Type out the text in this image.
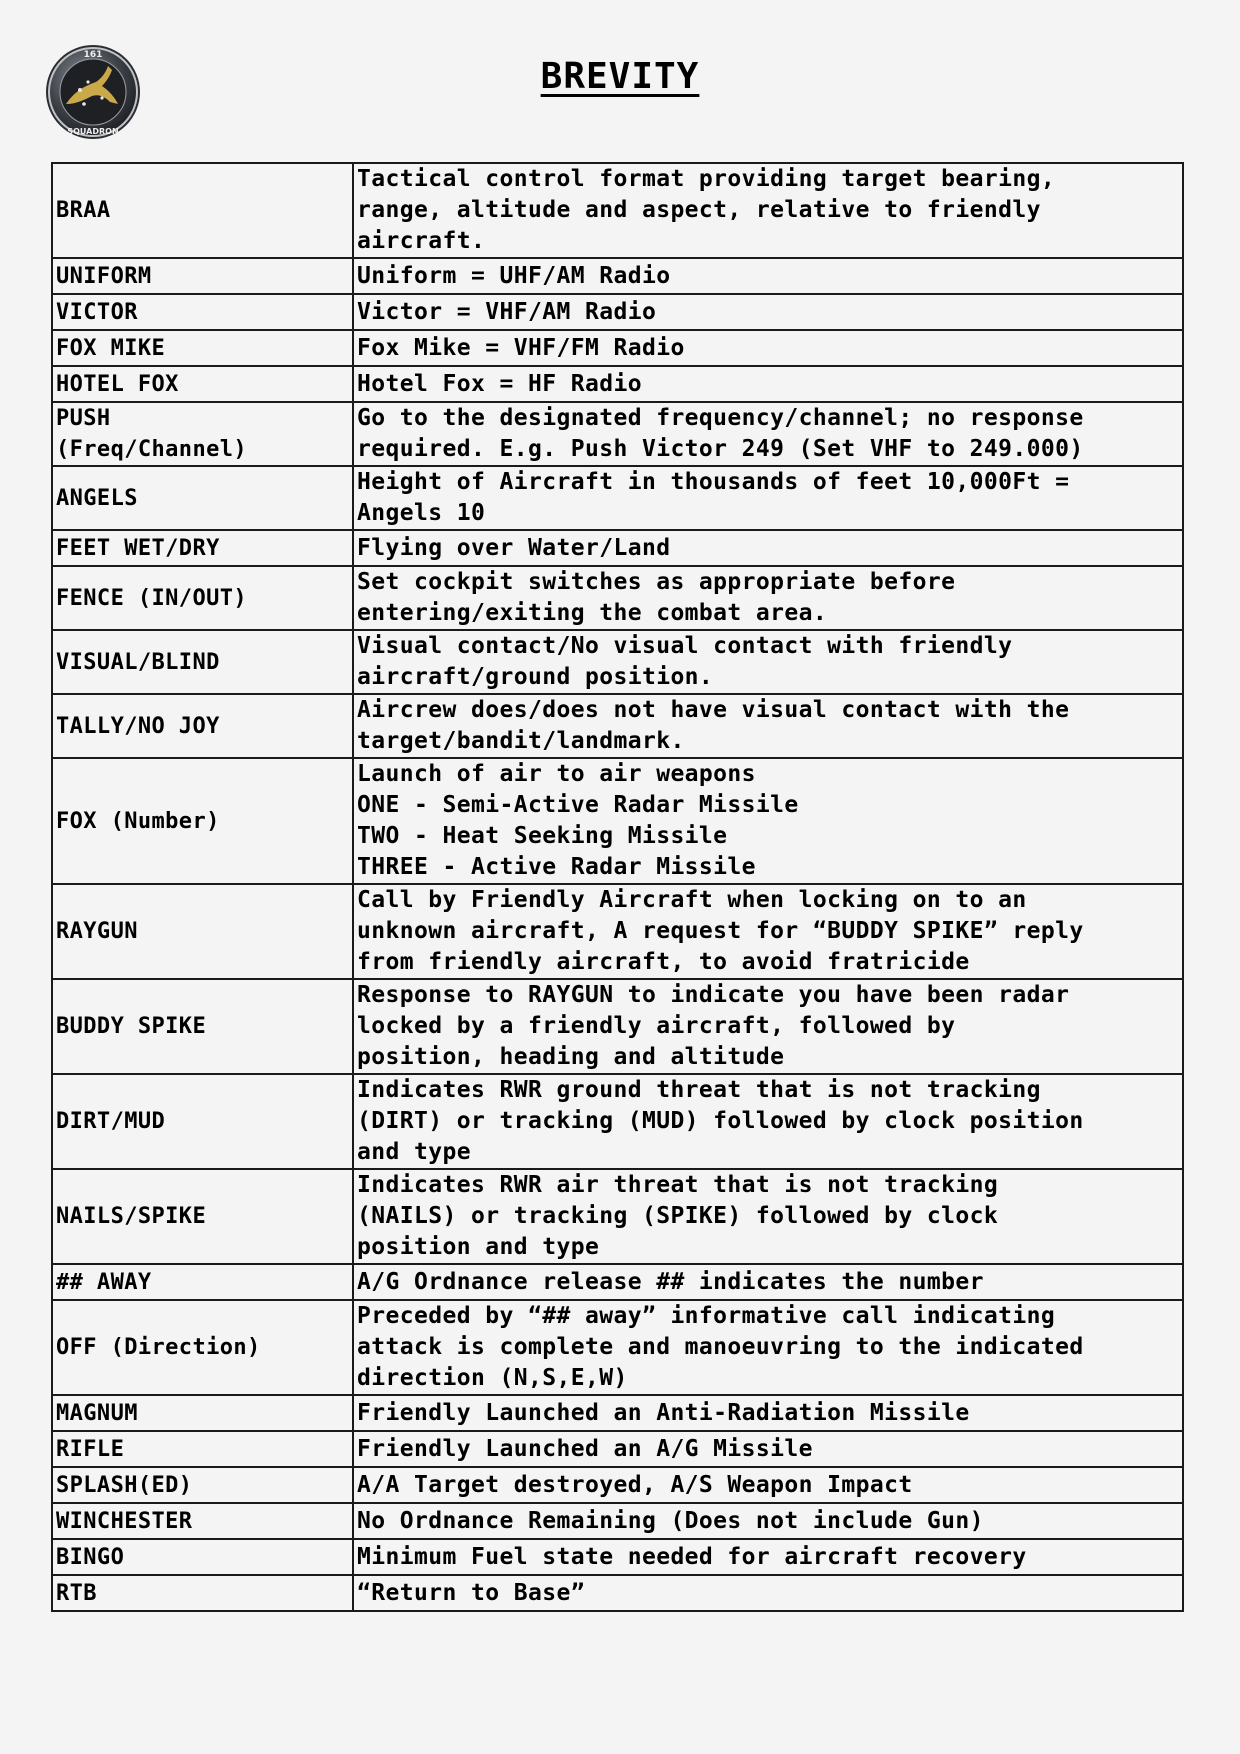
161
SQUADRON
BREVITY
BRAA	Tactical control format providing target bearing,
range, altitude and aspect, relative to friendly
aircraft.
UNIFORM	Uniform = UHF/AM Radio
VICTOR	Victor = VHF/AM Radio
FOX MIKE	Fox Mike = VHF/FM Radio
HOTEL FOX	Hotel Fox = HF Radio
PUSH
(Freq/Channel)	Go to the designated frequency/channel; no response
required. E.g. Push Victor 249 (Set VHF to 249.000)
ANGELS	Height of Aircraft in thousands of feet 10,000Ft =
Angels 10
FEET WET/DRY	Flying over Water/Land
FENCE (IN/OUT)	Set cockpit switches as appropriate before
entering/exiting the combat area.
VISUAL/BLIND	Visual contact/No visual contact with friendly
aircraft/ground position.
TALLY/NO JOY	Aircrew does/does not have visual contact with the
target/bandit/landmark.
FOX (Number)	Launch of air to air weapons
ONE - Semi-Active Radar Missile
TWO - Heat Seeking Missile
THREE - Active Radar Missile
RAYGUN	Call by Friendly Aircraft when locking on to an
unknown aircraft, A request for “BUDDY SPIKE” reply
from friendly aircraft, to avoid fratricide
BUDDY SPIKE	Response to RAYGUN to indicate you have been radar
locked by a friendly aircraft, followed by
position, heading and altitude
DIRT/MUD	Indicates RWR ground threat that is not tracking
(DIRT) or tracking (MUD) followed by clock position
and type
NAILS/SPIKE	Indicates RWR air threat that is not tracking
(NAILS) or tracking (SPIKE) followed by clock
position and type
## AWAY	A/G Ordnance release ## indicates the number
OFF (Direction)	Preceded by “## away” informative call indicating
attack is complete and manoeuvring to the indicated
direction (N,S,E,W)
MAGNUM	Friendly Launched an Anti-Radiation Missile
RIFLE	Friendly Launched an A/G Missile
SPLASH(ED)	A/A Target destroyed, A/S Weapon Impact
WINCHESTER	No Ordnance Remaining (Does not include Gun)
BINGO	Minimum Fuel state needed for aircraft recovery
RTB	“Return to Base”
